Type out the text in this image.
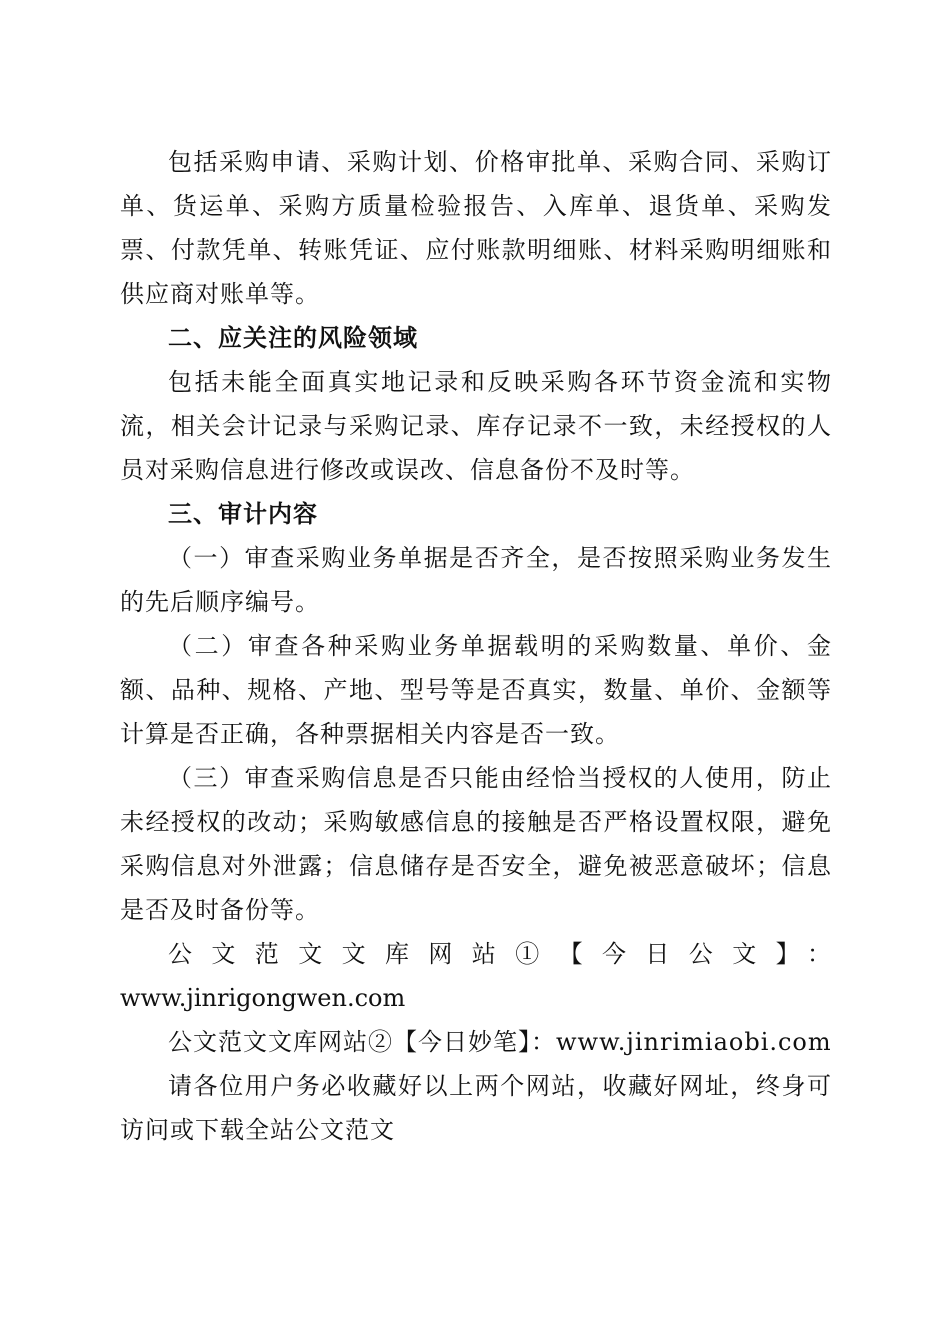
包括采购申请、采购计划、价格审批单、采购合同、采购订单、货运单、采购方质量检验报告、入库单、退货单、采购发票、付款凭单、转账凭证、应付账款明细账、材料采购明细账和供应商对账单等。

二、应关注的风险领域

包括未能全面真实地记录和反映采购各环节资金流和实物流，相关会计记录与采购记录、库存记录不一致，未经授权的人员对采购信息进行修改或误改、信息备份不及时等。

三、审计内容

（一）审查采购业务单据是否齐全，是否按照采购业务发生的先后顺序编号。

（二）审查各种采购业务单据载明的采购数量、单价、金额、品种、规格、产地、型号等是否真实，数量、单价、金额等计算是否正确，各种票据相关内容是否一致。

（三）审查采购信息是否只能由经恰当授权的人使用，防止未经授权的改动；采购敏感信息的接触是否严格设置权限，避免采购信息对外泄露；信息储存是否安全，避免被恶意破坏；信息是否及时备份等。

公文范文文库网站①【今日公文】：

www.jinrigongwen.com

公文范文文库网站②【今日妙笔】：www.jinrimiaobi.com

请各位用户务必收藏好以上两个网站，收藏好网址，终身可访问或下载全站公文范文
